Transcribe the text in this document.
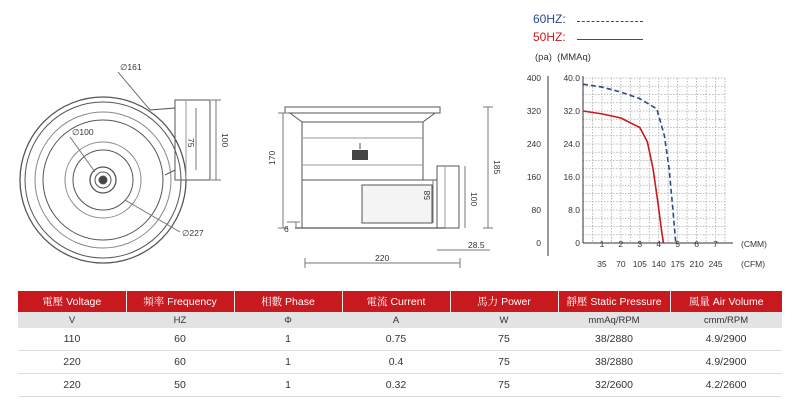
∅161
∅100
∅227
75	100
170
185
58	100
6
28.5
220
60HZ:
50HZ:
(pa)  (MMAq)
400
320
240
160
80
0
40.0
32.0
24.0
16.0
8.0
0 1 2 3 4 5 6 7	(CMM)
35 70 105 140 175 210 245 (CFM)
電壓 Voltage	頻率 Frequency	相數 Phase	電流 Current	馬力 Power	靜壓 Static Pressure	風量 Air Volume
V	HZ	Φ	A	W	mmAq/RPM	cmm/RPM
110	60	1	0.75	75	38/2880	4.9/2900
220	60	1	0.4	75	38/2880	4.9/2900
220	50	1	0.32	75	32/2600	4.2/2600
